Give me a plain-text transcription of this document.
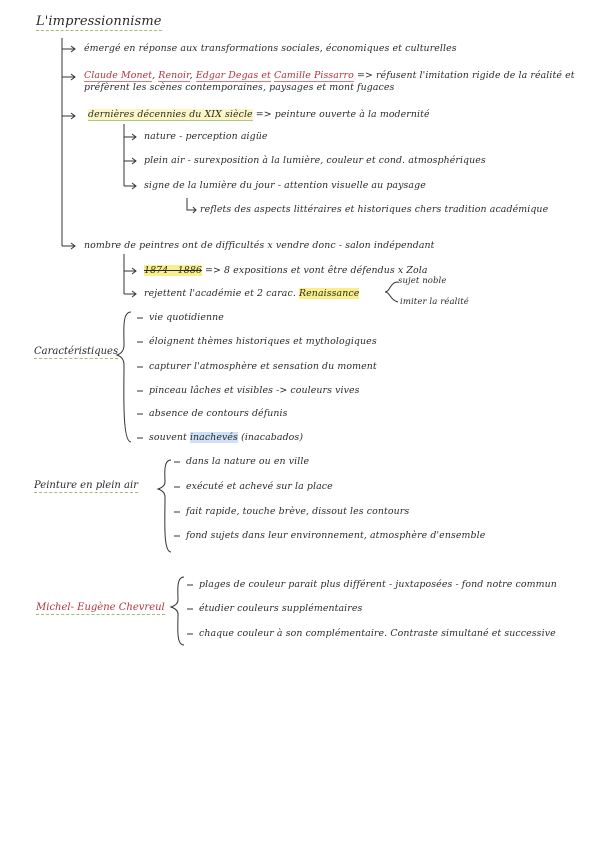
L'impressionnisme
émergé en réponse aux transformations sociales, économiques et culturelles
Claude Monet, Renoir, Edgar Degas et Camille Pissarro => réfusent l'imitation rigide de la réalité et
préfèrent les scènes contemporaines, paysages et mont fugaces
dernières décennies du XIX siècle => peinture ouverte à la modernité
nature - perception aigüe
plein air - surexposition à la lumière, couleur et cond. atmosphériques
signe de la lumière du jour - attention visuelle au paysage
reflets des aspects littéraires et historiques chers tradition académique
nombre de peintres ont de difficultés x vendre donc - salon indépendant
1874 - 1886 => 8 expositions et vont être défendus x Zola
rejettent l'académie et 2 carac. Renaissance
sujet noble
imiter la réalité
Caractéristiques
vie quotidienne
éloignent thèmes historiques et mythologiques
capturer l'atmosphère et sensation du moment
pinceau lâches et visibles -> couleurs vives
absence de contours défunis
souvent inachevés (inacabados)
Peinture en plein air
dans la nature ou en ville
exécuté et achevé sur la place
fait rapide, touche brève, dissout les contours
fond sujets dans leur environnement, atmosphère d'ensemble
Michel- Eugène Chevreul
plages de couleur parait plus différent - juxtaposées - fond notre commun
étudier couleurs supplémentaires
chaque couleur à son complémentaire. Contraste simultané et successive
